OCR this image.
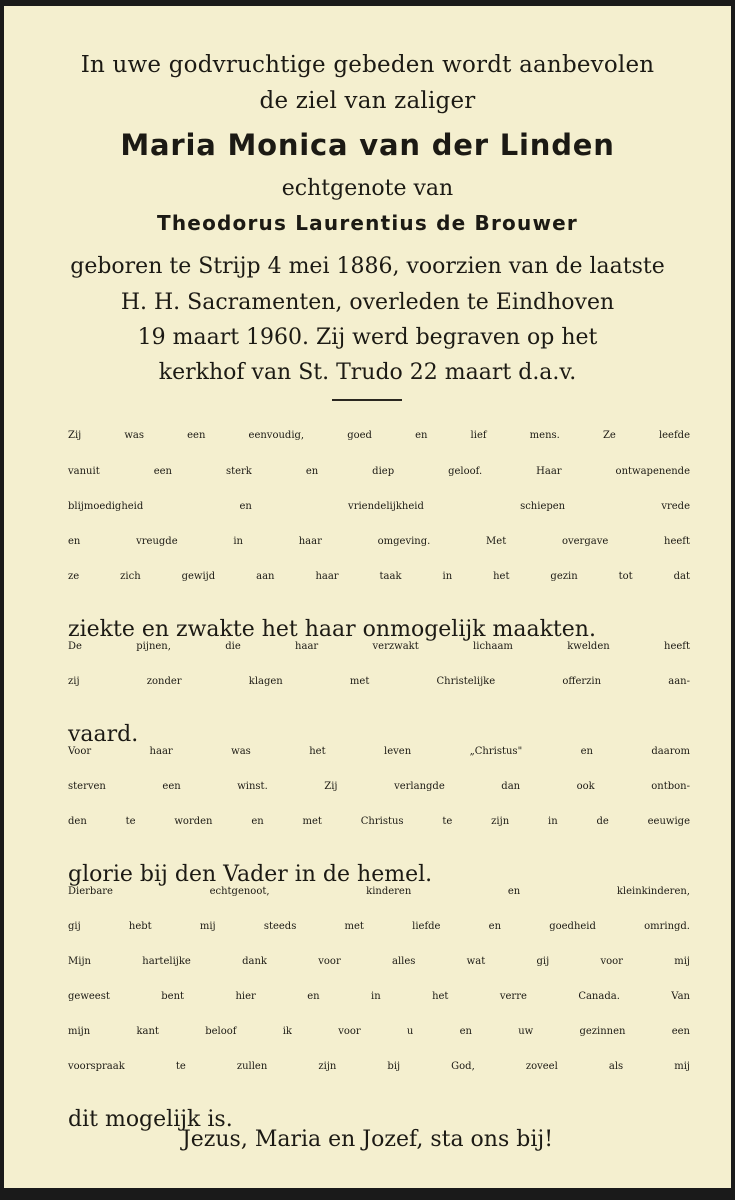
In uwe godvruchtige gebeden wordt aanbevolen

de ziel van zaliger

Maria Monica van der Linden

echtgenote van

Theodorus Laurentius de Brouwer

geboren te Strijp 4 mei 1886, voorzien van de laatste

H. H. Sacramenten, overleden te Eindhoven

19 maart 1960. Zij werd begraven op het

kerkhof van St. Trudo 22 maart d.a.v.

Zij was een eenvoudig, goed en lief mens. Ze leefde

vanuit een sterk en diep geloof. Haar ontwapenende

blijmoedigheid en vriendelijkheid schiepen vrede

en vreugde in haar omgeving. Met overgave heeft

ze zich gewijd aan haar taak in het gezin tot dat

ziekte en zwakte het haar onmogelijk maakten.

De pijnen, die haar verzwakt lichaam kwelden heeft

zij zonder klagen met Christelijke offerzin aan-

vaard.

Voor haar was het leven „Christus" en daarom

sterven een winst. Zij verlangde dan ook ontbon-

den te worden en met Christus te zijn in de eeuwige

glorie bij den Vader in de hemel.

Dierbare echtgenoot, kinderen en kleinkinderen,

gij hebt mij steeds met liefde en goedheid omringd.

Mijn hartelijke dank voor alles wat gij voor mij

geweest bent hier en in het verre Canada. Van

mijn kant beloof ik voor u en uw gezinnen een

voorspraak te zullen zijn bij God, zoveel als mij

dit mogelijk is.

Jezus, Maria en Jozef, sta ons bij!
